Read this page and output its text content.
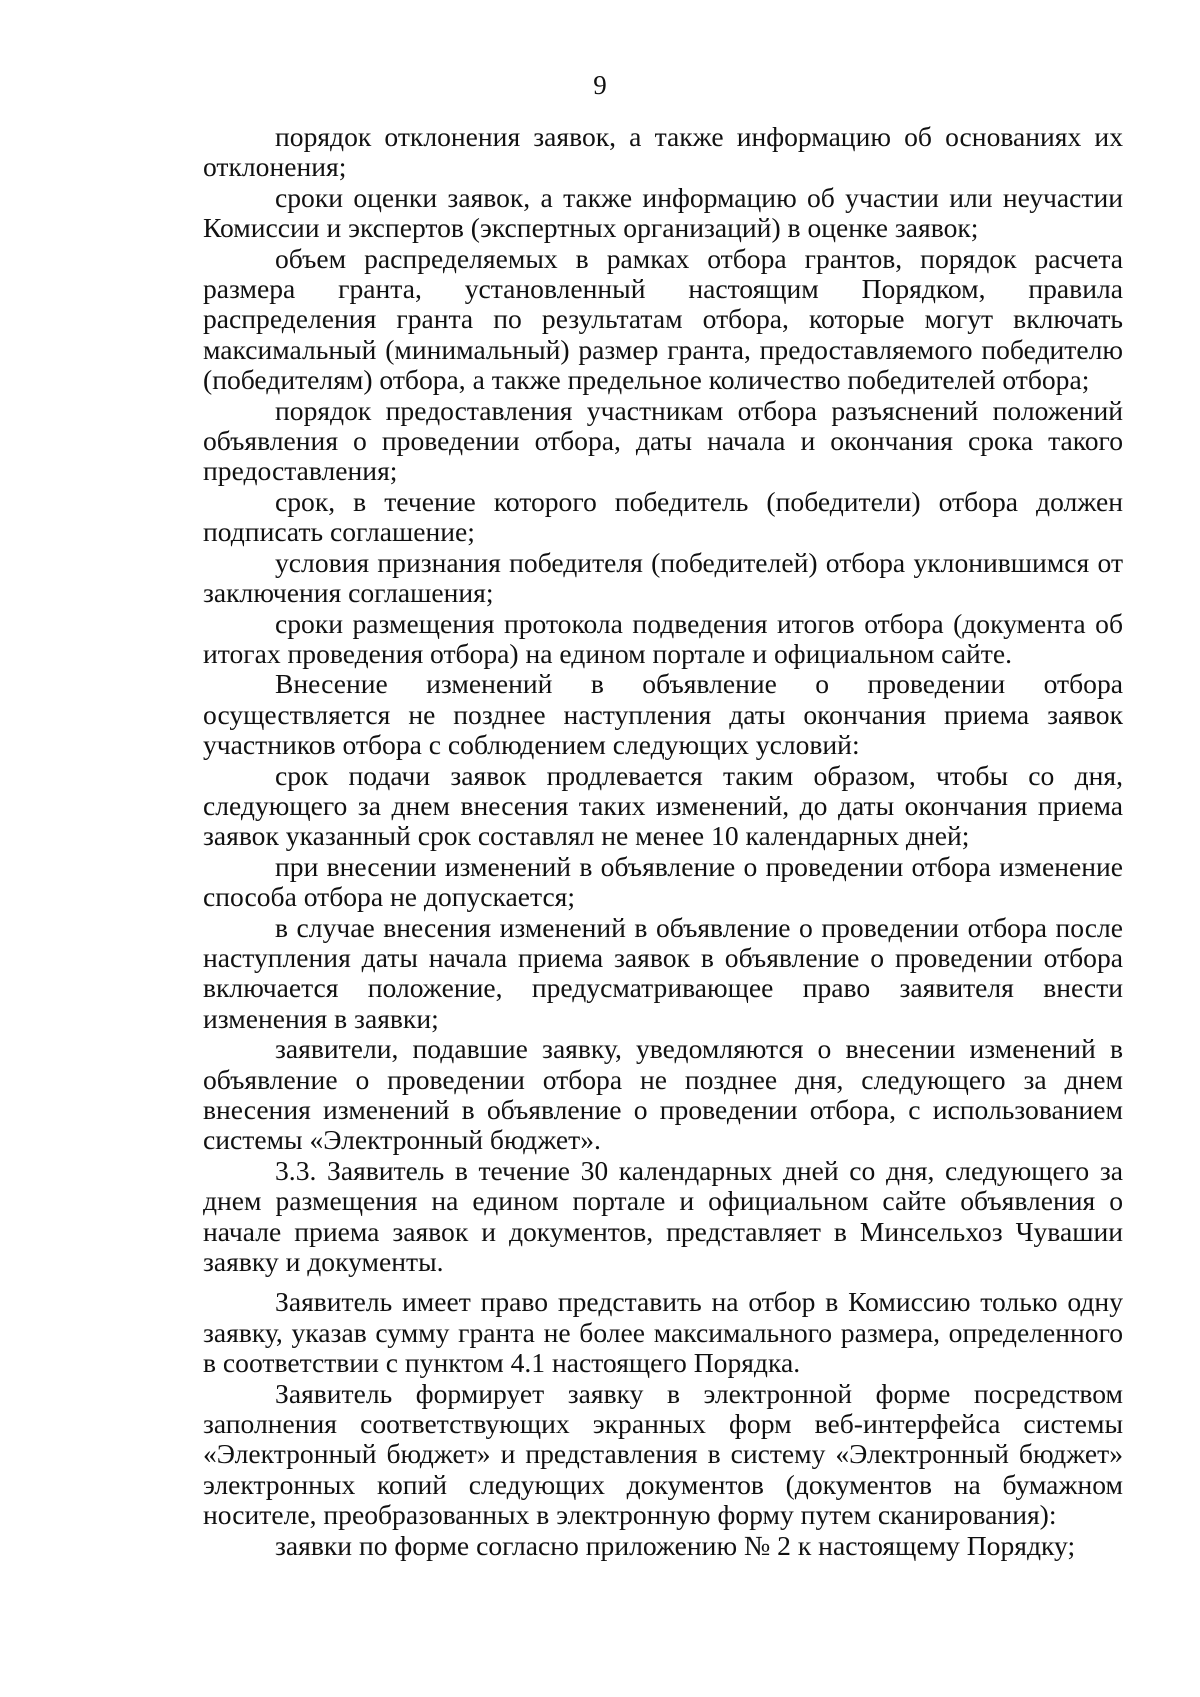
9

порядок отклонения заявок, а также информацию об основаниях их отклонения;

сроки оценки заявок, а также информацию об участии или неучастии Комиссии и экспертов (экспертных организаций) в оценке заявок;

объем распределяемых в рамках отбора грантов, порядок расчета размера гранта, установленный настоящим Порядком, правила распределения гранта по результатам отбора, которые могут включать максимальный (минимальный) размер гранта, предоставляемого победителю (победителям) отбора, а также предельное количество победителей отбора;

порядок предоставления участникам отбора разъяснений положений объявления о проведении отбора, даты начала и окончания срока такого предоставления;

срок, в течение которого победитель (победители) отбора должен подписать соглашение;

условия признания победителя (победителей) отбора уклонившимся от заключения соглашения;

сроки размещения протокола подведения итогов отбора (документа об итогах проведения отбора) на едином портале и официальном сайте.

Внесение изменений в объявление о проведении отбора осуществляется не позднее наступления даты окончания приема заявок участников отбора с соблюдением следующих условий:

срок подачи заявок продлевается таким образом, чтобы со дня, следующего за днем внесения таких изменений, до даты окончания приема заявок указанный срок составлял не менее 10 календарных дней;

при внесении изменений в объявление о проведении отбора изменение способа отбора не допускается;

в случае внесения изменений в объявление о проведении отбора после наступления даты начала приема заявок в объявление о проведении отбора включается положение, предусматривающее право заявителя внести изменения в заявки;

заявители, подавшие заявку, уведомляются о внесении изменений в объявление о проведении отбора не позднее дня, следующего за днем внесения изменений в объявление о проведении отбора, с использованием системы «Электронный бюджет».

3.3. Заявитель в течение 30 календарных дней со дня, следующего за днем размещения на едином портале и официальном сайте объявления о начале приема заявок и документов, представляет в Минсельхоз Чувашии заявку и документы.

Заявитель имеет право представить на отбор в Комиссию только одну заявку, указав сумму гранта не более максимального размера, определенного в соответствии с пунктом 4.1 настоящего Порядка.

Заявитель формирует заявку в электронной форме посредством заполнения соответствующих экранных форм веб-интерфейса системы «Электронный бюджет» и представления в систему «Электронный бюджет» электронных копий следующих документов (документов на бумажном носителе, преобразованных в электронную форму путем сканирования):

заявки по форме согласно приложению № 2 к настоящему Порядку;
